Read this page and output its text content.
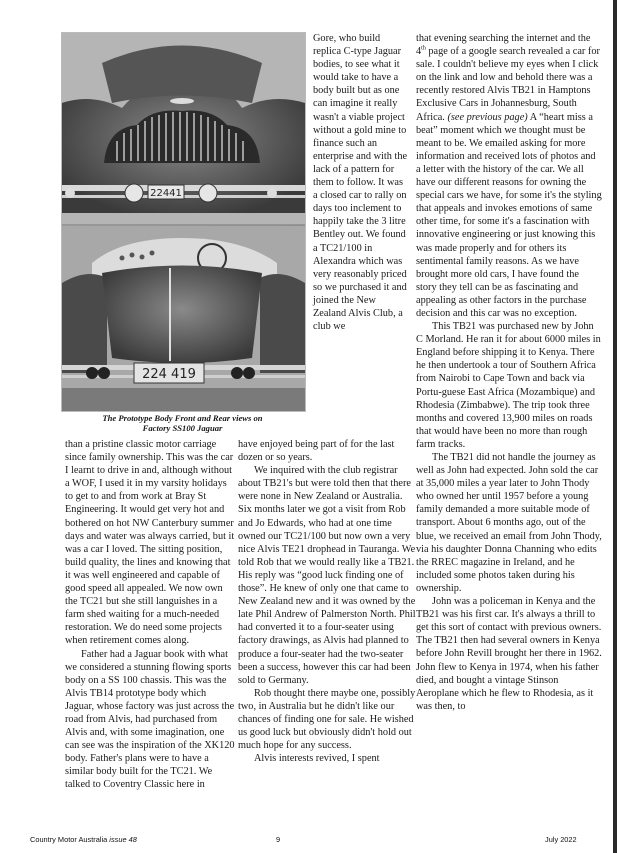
22441
224 419
The Prototype Body Front and Rear views on
Factory SS100 Jaguar

Gore, who build replica C-type Jaguar bodies, to see what it would take to have a body built but as one can imagine it really wasn't a viable project without a gold mine to finance such an enterprise and with the lack of a pattern for them to follow. It was a closed car to rally on days too inclement to happily take the 3 litre Bentley out. We found a TC21/100 in Alexandra which was very reasonably priced so we purchased it and joined the New Zealand Alvis Club, a club we

than a pristine classic motor carriage since family ownership. This was the car I learnt to drive in and, although without a WOF, I used it in my varsity holidays to get to and from work at Bray St Engineering. It would get very hot and bothered on hot NW Canterbury summer days and water was always carried, but it was a car I loved. The sitting position, build quality, the lines and knowing that it was well engineered and capable of good speed all appealed. We now own the TC21 but she still languishes in a farm shed waiting for a much-needed restoration. We do need some projects when retirement comes along.

Father had a Jaguar book with what we considered a stunning flowing sports body on a SS 100 chassis. This was the Alvis TB14 prototype body which Jaguar, whose factory was just across the road from Alvis, had purchased from Alvis and, with some imagination, one can see was the inspiration of the XK120 body. Father's plans were to have a similar body built for the TC21. We talked to Coventry Classic here in

have enjoyed being part of for the last dozen or so years.

We inquired with the club registrar about TB21's but were told then that there were none in New Zealand or Australia. Six months later we got a visit from Rob and Jo Edwards, who had at one time owned our TC21/100 but now own a very nice Alvis TE21 drophead in Tauranga. We told Rob that we would really like a TB21. His reply was “good luck finding one of those”. He knew of only one that came to New Zealand new and it was owned by the late Phil Andrew of Palmerston North. Phil had converted it to a four-seater using factory drawings, as Alvis had planned to produce a four-seater had the two-seater been a success, however this car had been sold to Germany.

Rob thought there maybe one, possibly two, in Australia but he didn't like our chances of finding one for sale. He wished us good luck but obviously didn't hold out much hope for any success.

Alvis interests revived, I spent

that evening searching the internet and the 4th page of a google search revealed a car for sale. I couldn't believe my eyes when I click on the link and low and behold there was a recently restored Alvis TB21 in Hamptons Exclusive Cars in Johannesburg, South Africa. (see previous page) A “heart miss a beat” moment which we thought must be meant to be. We emailed asking for more information and received lots of photos and a letter with the history of the car. We all have our different reasons for owning the special cars we have, for some it's the styling that appeals and invokes emotions of same other time, for some it's a fascination with innovative engineering or just knowing this was made properly and for others its sentimental family reasons. As we have brought more old cars, I have found the story they tell can be as fascinating and appealing as other factors in the purchase decision and this car was no exception.

This TB21 was purchased new by John C Morland. He ran it for about 6000 miles in England before shipping it to Kenya. There he then undertook a tour of Southern Africa from Nairobi to Cape Town and back via Portu-guese East Africa (Mozambique) and Rhodesia (Zimbabwe). The trip took three months and covered 13,900 miles on roads that would have been no more than rough farm tracks.

The TB21 did not handle the journey as well as John had expected. John sold the car at 35,000 miles a year later to John Thody who owned her until 1957 before a young family demanded a more suitable mode of transport. About 6 months ago, out of the blue, we received an email from John Thody, via his daughter Donna Channing who edits the RREC magazine in Ireland, and he included some photos taken during his ownership.

John was a policeman in Kenya and the TB21 was his first car. It's always a thrill to get this sort of contact with previous owners. The TB21 then had several owners in Kenya before John Revill brought her there in 1962. John flew to Kenya in 1974, when his father died, and bought a vintage Stinson Aeroplane which he flew to Rhodesia, as it was then, to

Country Motor Australia issue 48	9	July 2022
